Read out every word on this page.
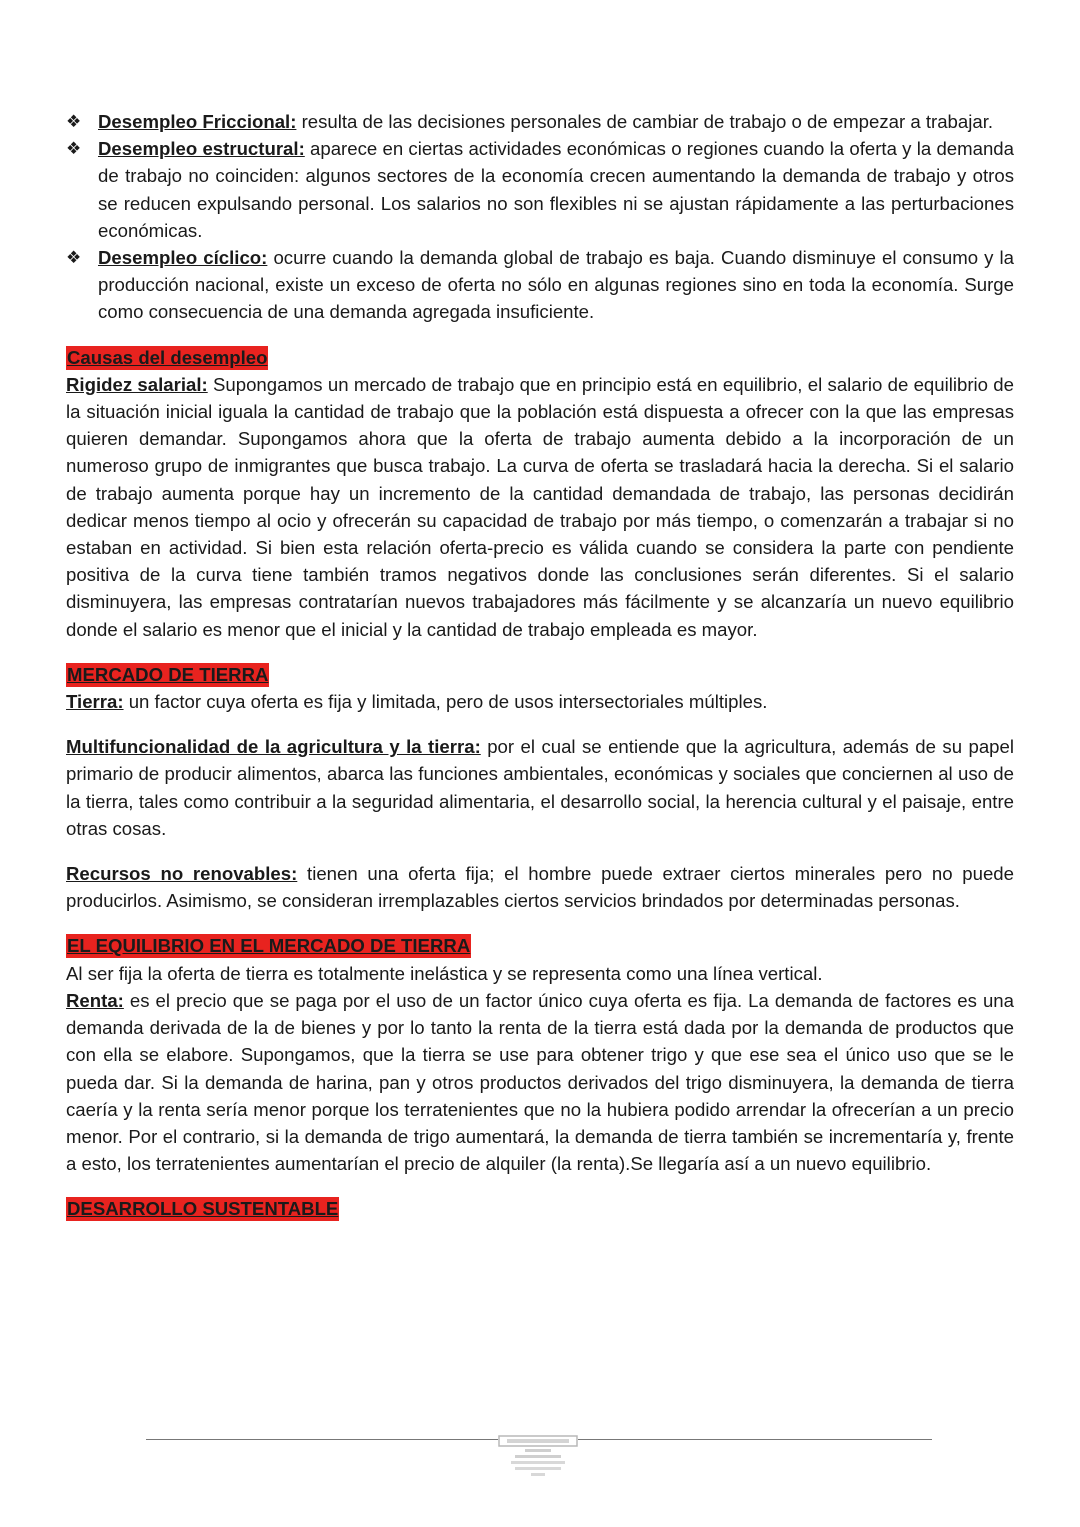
❖ Desempleo Friccional: resulta de las decisiones personales de cambiar de trabajo o de empezar a trabajar.
❖ Desempleo estructural: aparece en ciertas actividades económicas o regiones cuando la oferta y la demanda de trabajo no coinciden: algunos sectores de la economía crecen aumentando la demanda de trabajo y otros se reducen expulsando personal. Los salarios no son flexibles ni se ajustan rápidamente a las perturbaciones económicas.
❖ Desempleo cíclico: ocurre cuando la demanda global de trabajo es baja. Cuando disminuye el consumo y la producción nacional, existe un exceso de oferta no sólo en algunas regiones sino en toda la economía. Surge como consecuencia de una demanda agregada insuficiente.
Causas del desempleo

Rigidez salarial: Supongamos un mercado de trabajo que en principio está en equilibrio, el salario de equilibrio de la situación inicial iguala la cantidad de trabajo que la población está dispuesta a ofrecer con la que las empresas quieren demandar. Supongamos ahora que la oferta de trabajo aumenta debido a la incorporación de un numeroso grupo de inmigrantes que busca trabajo. La curva de oferta se trasladará hacia la derecha. Si el salario de trabajo aumenta porque hay un incremento de la cantidad demandada de trabajo, las personas decidirán dedicar menos tiempo al ocio y ofrecerán su capacidad de trabajo por más tiempo, o comenzarán a trabajar si no estaban en actividad. Si bien esta relación oferta-precio es válida cuando se considera la parte con pendiente positiva de la curva tiene también tramos negativos donde las conclusiones serán diferentes. Si el salario disminuyera, las empresas contratarían nuevos trabajadores más fácilmente y se alcanzaría un nuevo equilibrio donde el salario es menor que el inicial y la cantidad de trabajo empleada es mayor.

MERCADO DE TIERRA

Tierra: un factor cuya oferta es fija y limitada, pero de usos intersectoriales múltiples.

Multifuncionalidad de la agricultura y la tierra: por el cual se entiende que la agricultura, además de su papel primario de producir alimentos, abarca las funciones ambientales, económicas y sociales que conciernen al uso de la tierra, tales como contribuir a la seguridad alimentaria, el desarrollo social, la herencia cultural y el paisaje, entre otras cosas.

Recursos no renovables: tienen una oferta fija; el hombre puede extraer ciertos minerales pero no puede producirlos. Asimismo, se consideran irremplazables ciertos servicios brindados por determinadas personas.

EL EQUILIBRIO EN EL MERCADO DE TIERRA

Al ser fija la oferta de tierra es totalmente inelástica y se representa como una línea vertical.

Renta: es el precio que se paga por el uso de un factor único cuya oferta es fija. La demanda de factores es una demanda derivada de la de bienes y por lo tanto la renta de la tierra está dada por la demanda de productos que con ella se elabore. Supongamos, que la tierra se use para obtener trigo y que ese sea el único uso que se le pueda dar. Si la demanda de harina, pan y otros productos derivados del trigo disminuyera, la demanda de tierra caería y la renta sería menor porque los terratenientes que no la hubiera podido arrendar la ofrecerían a un precio menor. Por el contrario, si la demanda de trigo aumentará, la demanda de tierra también se incrementaría y, frente a esto, los terratenientes aumentarían el precio de alquiler (la renta).Se llegaría así a un nuevo equilibrio.

DESARROLLO SUSTENTABLE
